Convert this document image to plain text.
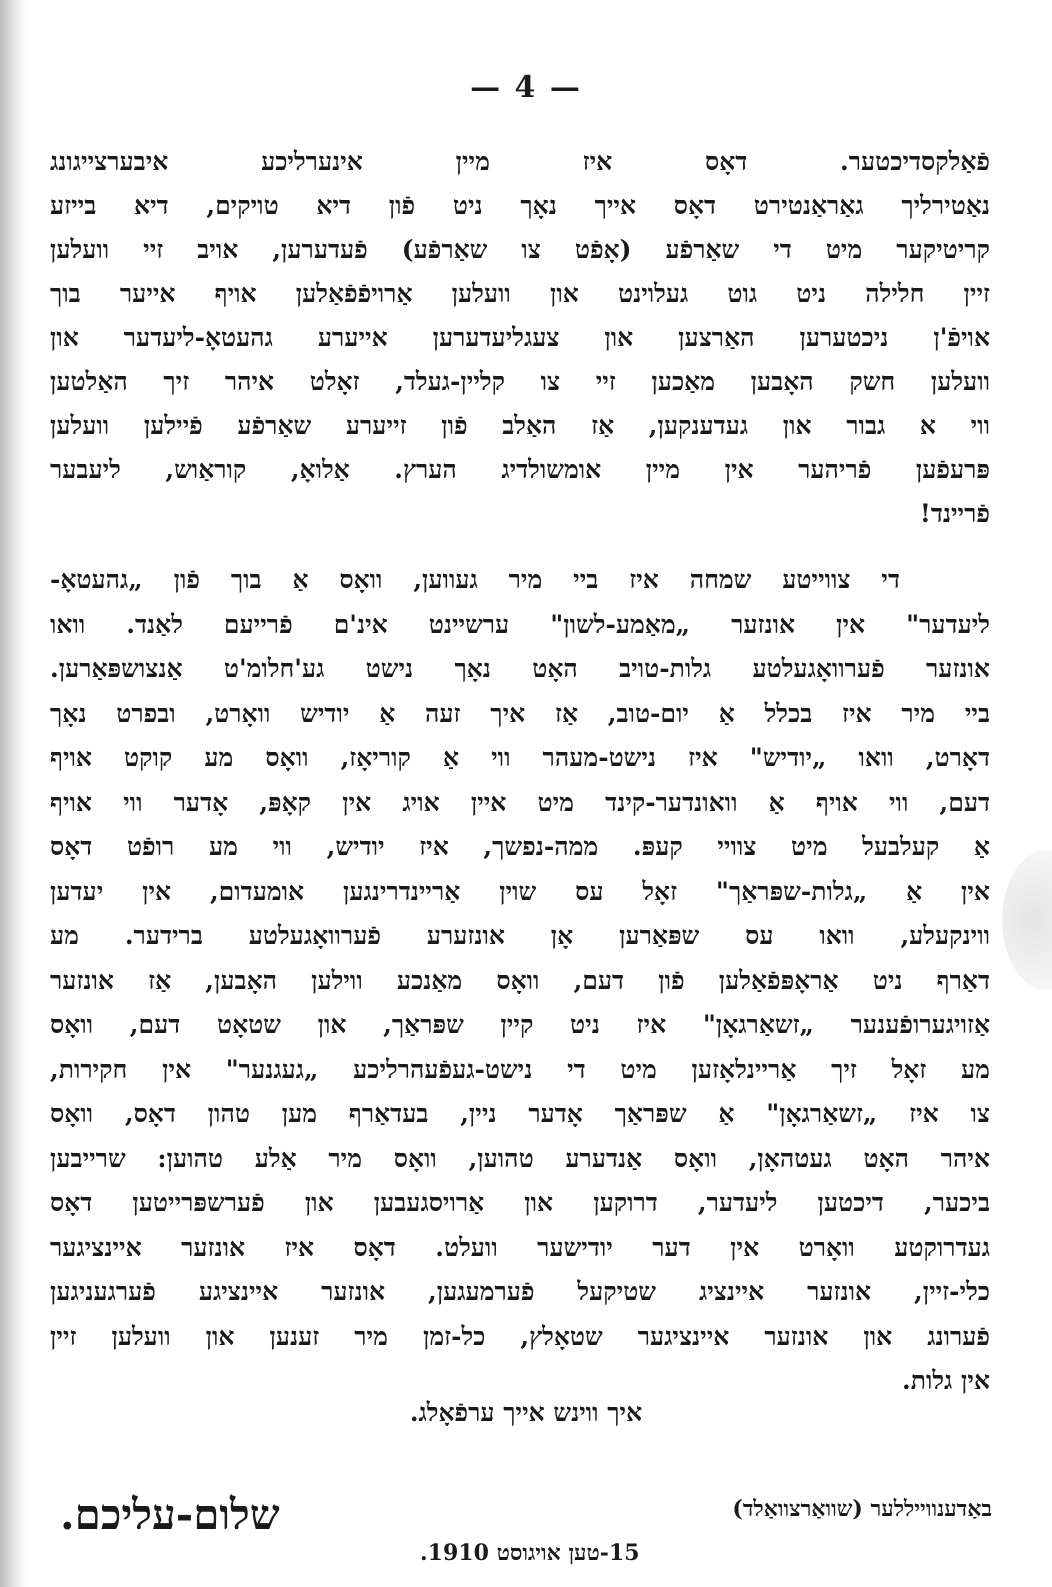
— 4 —
פֿאַלקסדיכטער. דאָס איז מיין אינערליכע איבערצייגונג
נאַטירליך גאַראַנטירט דאָס אייך נאָך ניט פֿון דיא טויקים, דיא בייזע
קריטיקער מיט די שאַרפֿע (אָפֿט צו שאַרפֿע) פֿעדערען, אויב זיי וועלען
זיין חלילה ניט גוט געלוינט און וועלען אַרויפֿפֿאַלען אויף אייער בוך
אויפֿ'ן ניכטערען האַרצען און צעגליעדערען אייערע גהעטאָ-ליעדער און
וועלען חשק האָבען מאַכען זיי צו קליין-געלד, זאָלט איהר זיך האַלטען
ווי א גבור און געדענקען, אַז האַלב פֿון זייערע שאַרפֿע פֿיילען וועלען
פּרעפֿען פֿריהער אין מיין אומשולדיג הערץ. אַלואָ, קוראַוש, ליעבער
פֿריינד!
די צווייטע שמחה איז ביי מיר געווען, וואָס אַ בוך פֿון „גהעטאָ-
ליעדער" אין אונזער „מאַמע-לשון" ערשיינט אינ'ם פֿרייעם לאַנד. וואו
אונזער פֿערוואָגעלטע גלות-טויב האָט נאָך נישט גע'חלומ'ט אַנצושפּאַרען.
ביי מיר איז בכלל אַ יום-טוב, אַז איך זעה אַ יודיש וואָרט, ובפרט נאָך
דאָרט, וואו „יודיש" איז נישט-מעהר ווי אַ קוריאָז, וואָס מע קוקט אויף
דעם, ווי אויף אַ וואונדער-קינד מיט איין אויג אין קאָפּ, אָדער ווי אויף
אַ קעלבעל מיט צוויי קעפּ. ממה-נפשך, איז יודיש, ווי מע רופֿט דאָס
אין אַ „גלות-שפּראַך" זאָל עס שוין אַריינדרינגען אומעדום, אין יעדען
ווינקעלע, וואו עס שפּאַרען אָן אונזערע פֿערוואָגעלטע ברידער. מע
דאַרף ניט אַראָפּפֿאַלען פֿון דעם, וואָס מאַנכע ווילען האָבען, אַז אונזער
אַזויגערופֿענער „זשאַרגאָן" איז ניט קיין שפּראַך, און שטאָט דעם, וואָס
מע זאָל זיך אַריינלאָזען מיט די נישט-געפֿעהרליכע „געגנער" אין חקירות,
צו איז „זשאַרגאָן" אַ שפּראַך אָדער ניין, בעדאַרף מען טהון דאָס, וואָס
איהר האָט געטהאָן, וואָס אַנדערע טהוען, וואָס מיר אַלע טהוען: שרייבען
ביכער, דיכטען ליעדער, דרוקען און אַרויסגעבען און פֿערשפּרייטען דאָס
געדרוקטע וואָרט אין דער יודישער וועלט. דאָס איז אונזער איינציגער
כלי-זיין, אונזער איינציג שטיקעל פֿערמעגען, אונזער איינציגע פֿערגעניגען
פֿערונג און אונזער איינציגער שטאָלץ, כל-זמן מיר זענען און וועלען זיין
אין גלות.
איך ווינש אייך ערפֿאָלג.
באַדענווייללער (שוואַרצוואַלד)
15-טען אויגוסט 1910.
שלום-עליכם.
